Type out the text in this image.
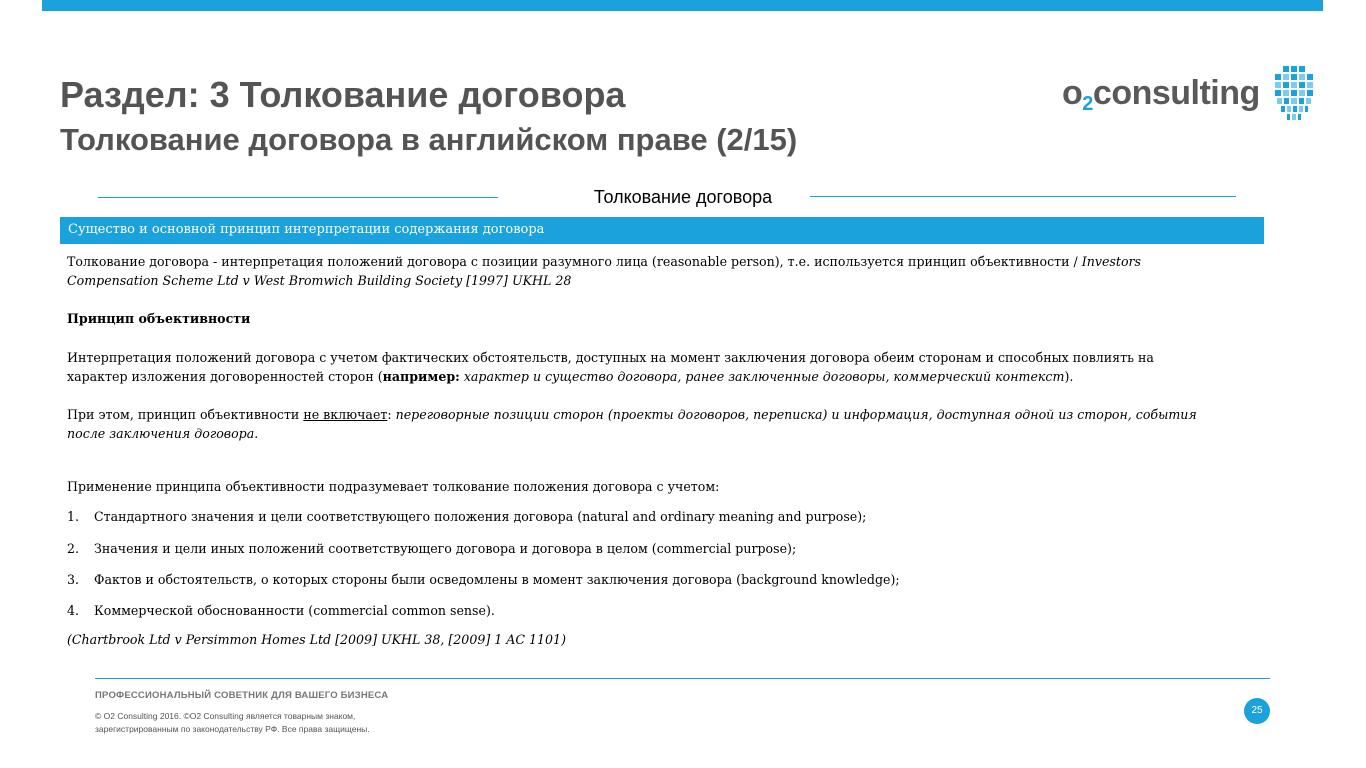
Раздел: 3 Толкование договора
Толкование договора в английском праве (2/15)
$o_2consulting$
Толкование договора
Существо и основной принцип интерпретации содержания договора
Толкование договора - интерпретация положений договора с позиции разумного лица (reasonable person), т.е. используется принцип объективности / Investors
Compensation Scheme Ltd v West Bromwich Building Society [1997] UKHL 28
Принцип объективности
Интерпретация положений договора с учетом фактических обстоятельств, доступных на момент заключения договора обеим сторонам и способных повлиять на
характер изложения договоренностей сторон (например: характер и существо договора, ранее заключенные договоры, коммерческий контекст).
При этом, принцип объективности не включает: переговорные позиции сторон (проекты договоров, переписка) и информация, доступная одной из сторон, события
после заключения договора.
Применение принципа объективности подразумевает толкование положения договора с учетом:
1. Стандартного значения и цели соответствующего положения договора (natural and ordinary meaning and purpose);
2. Значения и цели иных положений соответствующего договора и договора в целом (commercial purpose);
3. Фактов и обстоятельств, о которых стороны были осведомлены в момент заключения договора (background knowledge);
4. Коммерческой обоснованности (commercial common sense).
(Chartbrook Ltd v Persimmon Homes Ltd [2009] UKHL 38, [2009] 1 AC 1101)
ПРОФЕССИОНАЛЬНЫЙ СОВЕТНИК ДЛЯ ВАШЕГО БИЗНЕСА
© O2 Consulting 2016. ©O2 Consulting является товарным знаком,
зарегистрированным по законодательству РФ. Все права защищены.
25
